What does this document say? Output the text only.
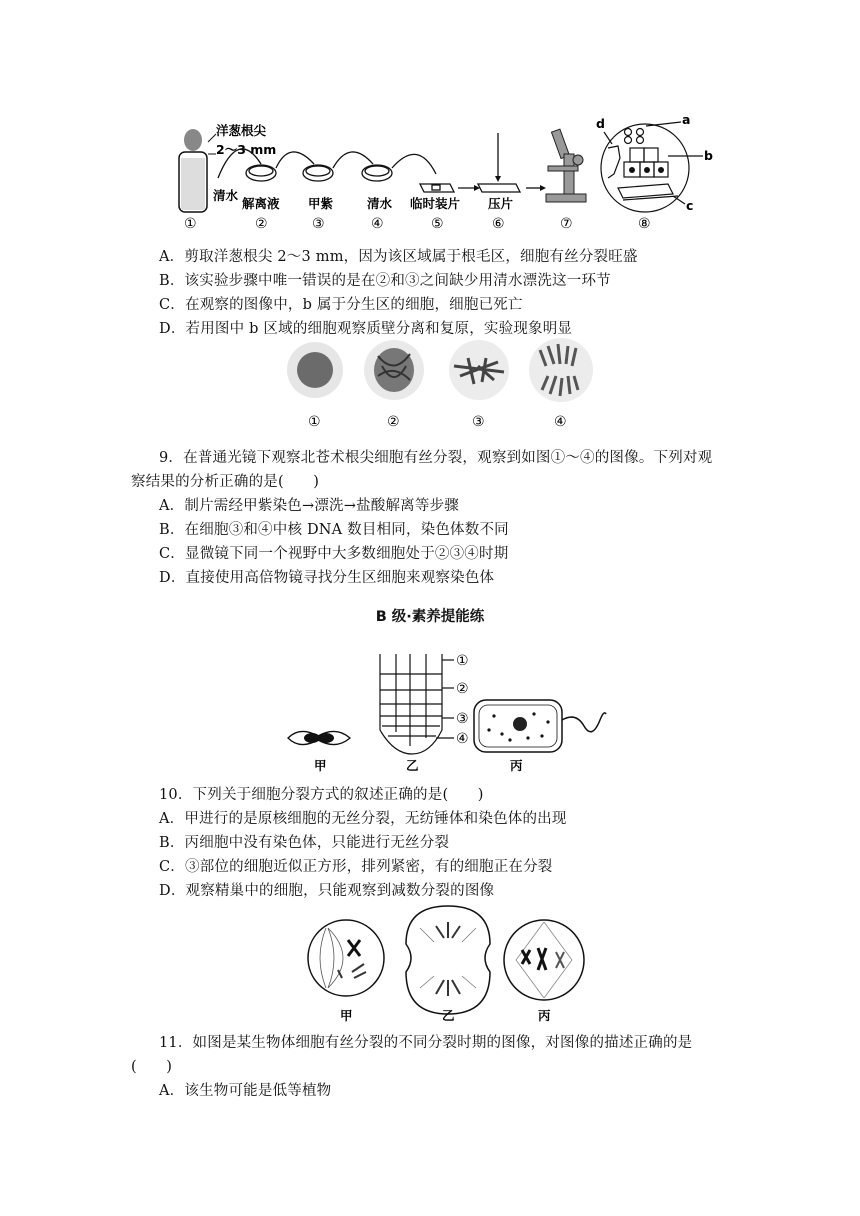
洋葱根尖
2～3 mm
清水
解离液 甲紫	清水 临时装片 压片
a
b
c
d
①	②	③	④	⑤	⑥	⑦	⑧
A．剪取洋葱根尖 2～3 mm，因为该区域属于根毛区，细胞有丝分裂旺盛
B．该实验步骤中唯一错误的是在②和③之间缺少用清水漂洗这一环节
C．在观察的图像中，b 属于分生区的细胞，细胞已死亡
D．若用图中 b 区域的细胞观察质壁分离和复原，实验现象明显
①	②	③	④
9．在普通光镜下观察北苍术根尖细胞有丝分裂，观察到如图①～④的图像。下列对观
察结果的分析正确的是(　　)
A．制片需经甲紫染色→漂洗→盐酸解离等步骤
B．在细胞③和④中核 DNA 数目相同，染色体数不同
C．显微镜下同一个视野中大多数细胞处于②③④时期
D．直接使用高倍物镜寻找分生区细胞来观察染色体
B 级·素养提能练
①
②
③
④
甲	乙	丙
10．下列关于细胞分裂方式的叙述正确的是(　　)
A．甲进行的是原核细胞的无丝分裂，无纺锤体和染色体的出现
B．丙细胞中没有染色体，只能进行无丝分裂
C．③部位的细胞近似正方形，排列紧密，有的细胞正在分裂
D．观察精巢中的细胞，只能观察到减数分裂的图像
甲	乙	丙
11．如图是某生物体细胞有丝分裂的不同分裂时期的图像，对图像的描述正确的是
(　　)
A．该生物可能是低等植物
